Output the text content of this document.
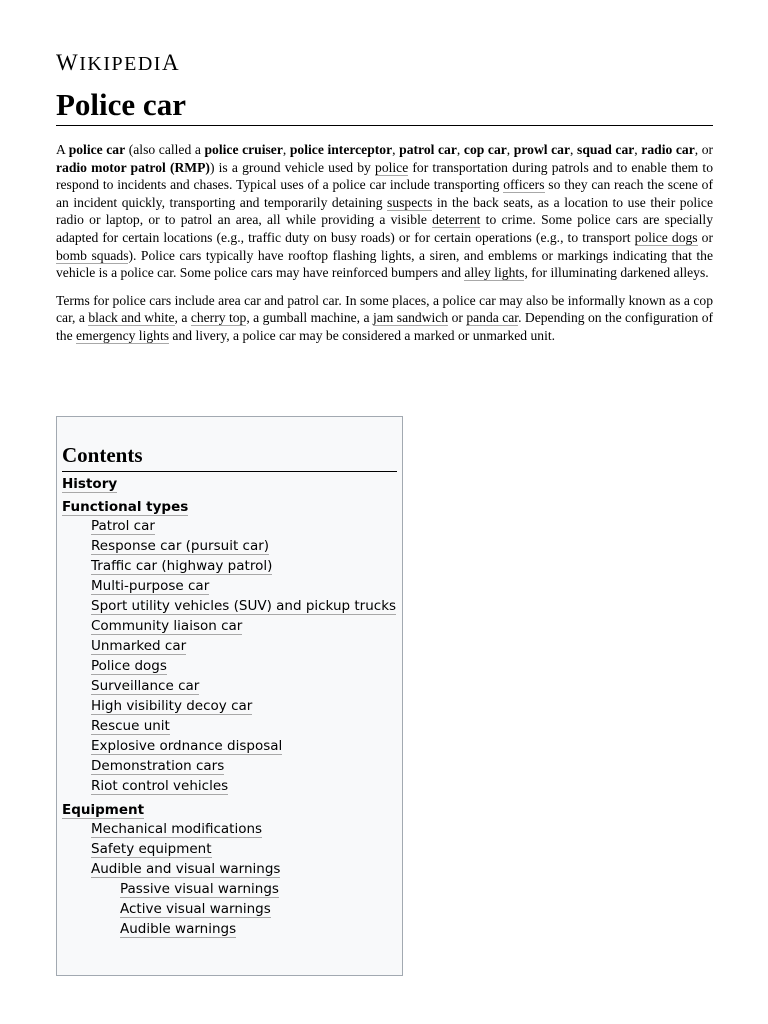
WIKIPEDIA
Police car

A police car (also called a police cruiser, police interceptor, patrol car, cop car, prowl car, squad car, radio car, or radio motor patrol (RMP)) is a ground vehicle used by police for transportation during patrols and to enable them to respond to incidents and chases. Typical uses of a police car include transporting officers so they can reach the scene of an incident quickly, transporting and temporarily detaining suspects in the back seats, as a location to use their police radio or laptop, or to patrol an area, all while providing a visible deterrent to crime. Some police cars are specially adapted for certain locations (e.g., traffic duty on busy roads) or for certain operations (e.g., to transport police dogs or bomb squads). Police cars typically have rooftop flashing lights, a siren, and emblems or markings indicating that the vehicle is a police car. Some police cars may have reinforced bumpers and alley lights, for illuminating darkened alleys.

Terms for police cars include area car and patrol car. In some places, a police car may also be informally known as a cop car, a black and white, a cherry top, a gumball machine, a jam sandwich or panda car. Depending on the configuration of the emergency lights and livery, a police car may be considered a marked or unmarked unit.

Contents
History
Functional types
Patrol car
Response car (pursuit car)
Traffic car (highway patrol)
Multi-purpose car
Sport utility vehicles (SUV) and pickup trucks
Community liaison car
Unmarked car
Police dogs
Surveillance car
High visibility decoy car
Rescue unit
Explosive ordnance disposal
Demonstration cars
Riot control vehicles
Equipment
Mechanical modifications
Safety equipment
Audible and visual warnings
Passive visual warnings
Active visual warnings
Audible warnings
